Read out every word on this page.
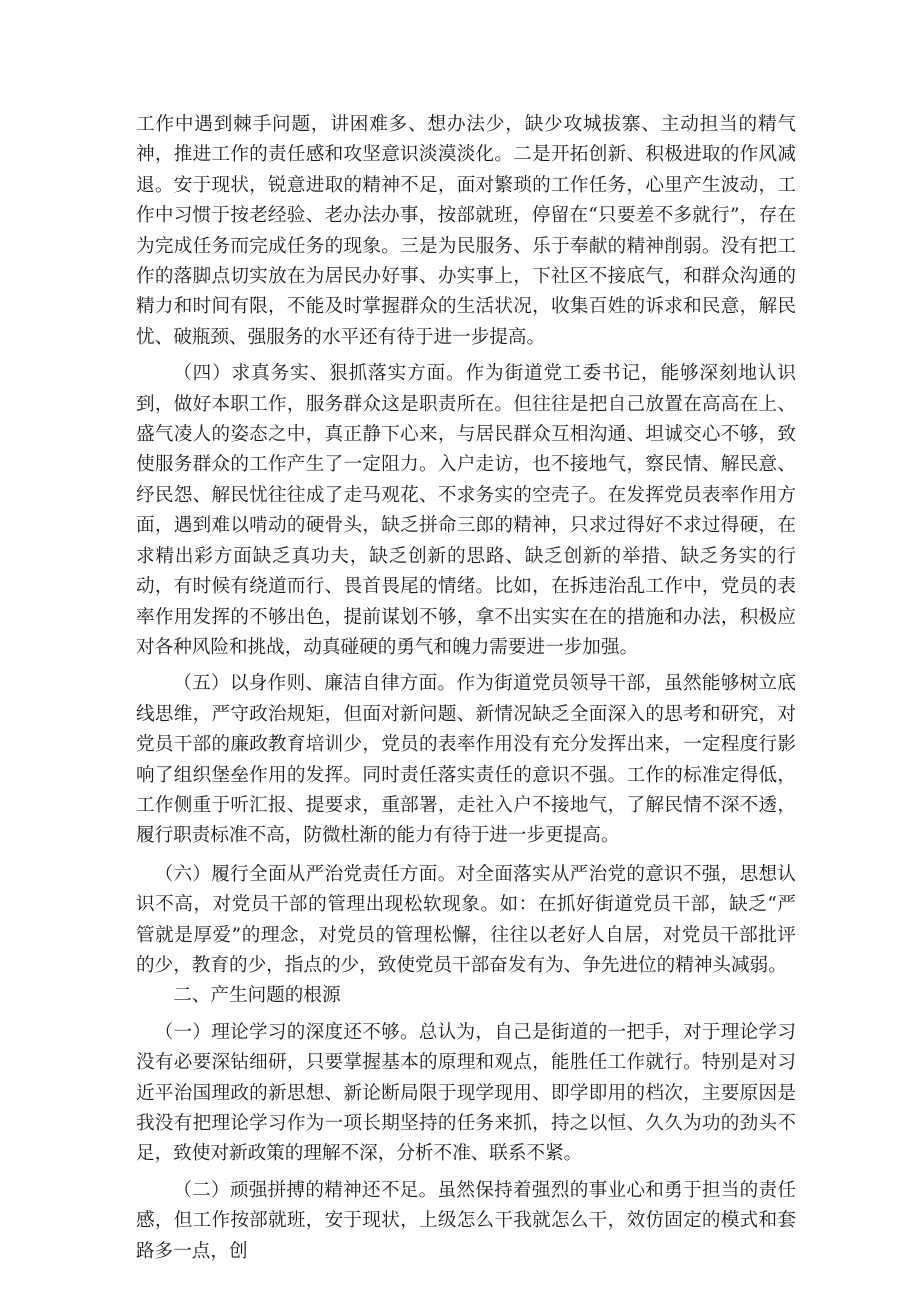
工作中遇到棘手问题，讲困难多、想办法少，缺少攻城拔寨、主动担当的精气神，推进工作的责任感和攻坚意识淡漠淡化。二是开拓创新、积极进取的作风减退。安于现状，锐意进取的精神不足，面对繁琐的工作任务，心里产生波动，工作中习惯于按老经验、老办法办事，按部就班，停留在“只要差不多就行”，存在为完成任务而完成任务的现象。三是为民服务、乐于奉献的精神削弱。没有把工作的落脚点切实放在为居民办好事、办实事上，下社区不接底气，和群众沟通的精力和时间有限，不能及时掌握群众的生活状况，收集百姓的诉求和民意，解民忧、破瓶颈、强服务的水平还有待于进一步提高。

（四）求真务实、狠抓落实方面。作为街道党工委书记，能够深刻地认识到，做好本职工作，服务群众这是职责所在。但往往是把自己放置在高高在上、盛气凌人的姿态之中，真正静下心来，与居民群众互相沟通、坦诚交心不够，致使服务群众的工作产生了一定阻力。入户走访，也不接地气，察民情、解民意、纾民怨、解民忧往往成了走马观花、不求务实的空壳子。在发挥党员表率作用方面，遇到难以啃动的硬骨头，缺乏拼命三郎的精神，只求过得好不求过得硬，在求精出彩方面缺乏真功夫，缺乏创新的思路、缺乏创新的举措、缺乏务实的行动，有时候有绕道而行、畏首畏尾的情绪。比如，在拆违治乱工作中，党员的表率作用发挥的不够出色，提前谋划不够，拿不出实实在在的措施和办法，积极应对各种风险和挑战，动真碰硬的勇气和魄力需要进一步加强。

（五）以身作则、廉洁自律方面。作为街道党员领导干部，虽然能够树立底线思维，严守政治规矩，但面对新问题、新情况缺乏全面深入的思考和研究，对党员干部的廉政教育培训少，党员的表率作用没有充分发挥出来，一定程度行影响了组织堡垒作用的发挥。同时责任落实责任的意识不强。工作的标准定得低，工作侧重于听汇报、提要求，重部署，走社入户不接地气，了解民情不深不透，履行职责标准不高，防微杜渐的能力有待于进一步更提高。

（六）履行全面从严治党责任方面。对全面落实从严治党的意识不强，思想认识不高，对党员干部的管理出现松软现象。如：在抓好街道党员干部，缺乏“严管就是厚爱”的理念，对党员的管理松懈，往往以老好人自居，对党员干部批评的少，教育的少，指点的少，致使党员干部奋发有为、争先进位的精神头减弱。

二、产生问题的根源

（一）理论学习的深度还不够。总认为，自己是街道的一把手，对于理论学习没有必要深钻细研，只要掌握基本的原理和观点，能胜任工作就行。特别是对习近平治国理政的新思想、新论断局限于现学现用、即学即用的档次，主要原因是我没有把理论学习作为一项长期坚持的任务来抓，持之以恒、久久为功的劲头不足，致使对新政策的理解不深，分析不准、联系不紧。

（二）顽强拼搏的精神还不足。虽然保持着强烈的事业心和勇于担当的责任感，但工作按部就班，安于现状，上级怎么干我就怎么干，效仿固定的模式和套路多一点，创
